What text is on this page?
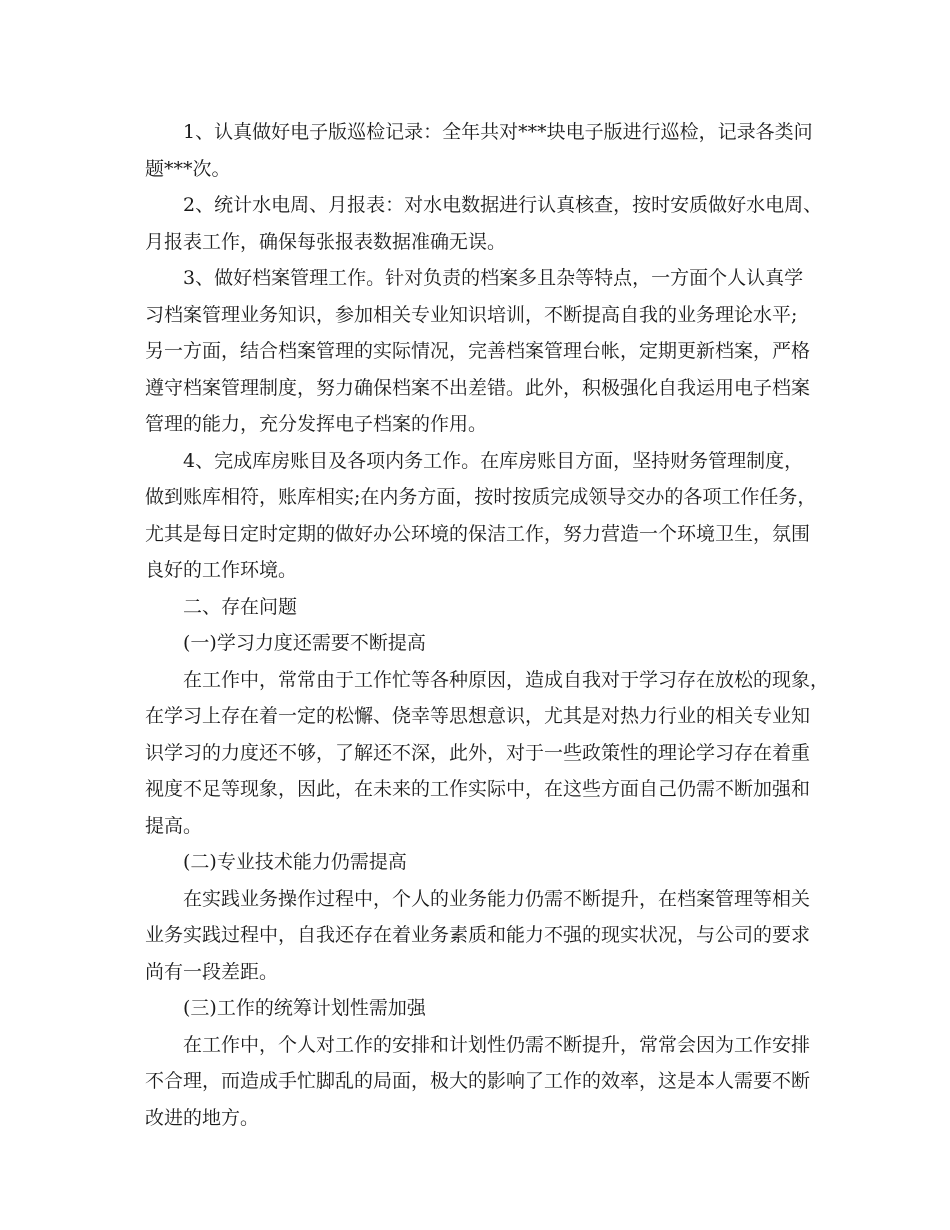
1、认真做好电子版巡检记录：全年共对***块电子版进行巡检，记录各类问
题***次。
2、统计水电周、月报表：对水电数据进行认真核查，按时安质做好水电周、
月报表工作，确保每张报表数据准确无误。
3、做好档案管理工作。针对负责的档案多且杂等特点，一方面个人认真学
习档案管理业务知识，参加相关专业知识培训，不断提高自我的业务理论水平;
另一方面，结合档案管理的实际情况，完善档案管理台帐，定期更新档案，严格
遵守档案管理制度，努力确保档案不出差错。此外，积极强化自我运用电子档案
管理的能力，充分发挥电子档案的作用。
4、完成库房账目及各项内务工作。在库房账目方面，坚持财务管理制度，
做到账库相符，账库相实;在内务方面，按时按质完成领导交办的各项工作任务，
尤其是每日定时定期的做好办公环境的保洁工作，努力营造一个环境卫生，氛围
良好的工作环境。
二、存在问题
(一)学习力度还需要不断提高
在工作中，常常由于工作忙等各种原因，造成自我对于学习存在放松的现象，
在学习上存在着一定的松懈、侥幸等思想意识，尤其是对热力行业的相关专业知
识学习的力度还不够，了解还不深，此外，对于一些政策性的理论学习存在着重
视度不足等现象，因此，在未来的工作实际中，在这些方面自己仍需不断加强和
提高。
(二)专业技术能力仍需提高
在实践业务操作过程中，个人的业务能力仍需不断提升，在档案管理等相关
业务实践过程中，自我还存在着业务素质和能力不强的现实状况，与公司的要求
尚有一段差距。
(三)工作的统筹计划性需加强
在工作中，个人对工作的安排和计划性仍需不断提升，常常会因为工作安排
不合理，而造成手忙脚乱的局面，极大的影响了工作的效率，这是本人需要不断
改进的地方。
